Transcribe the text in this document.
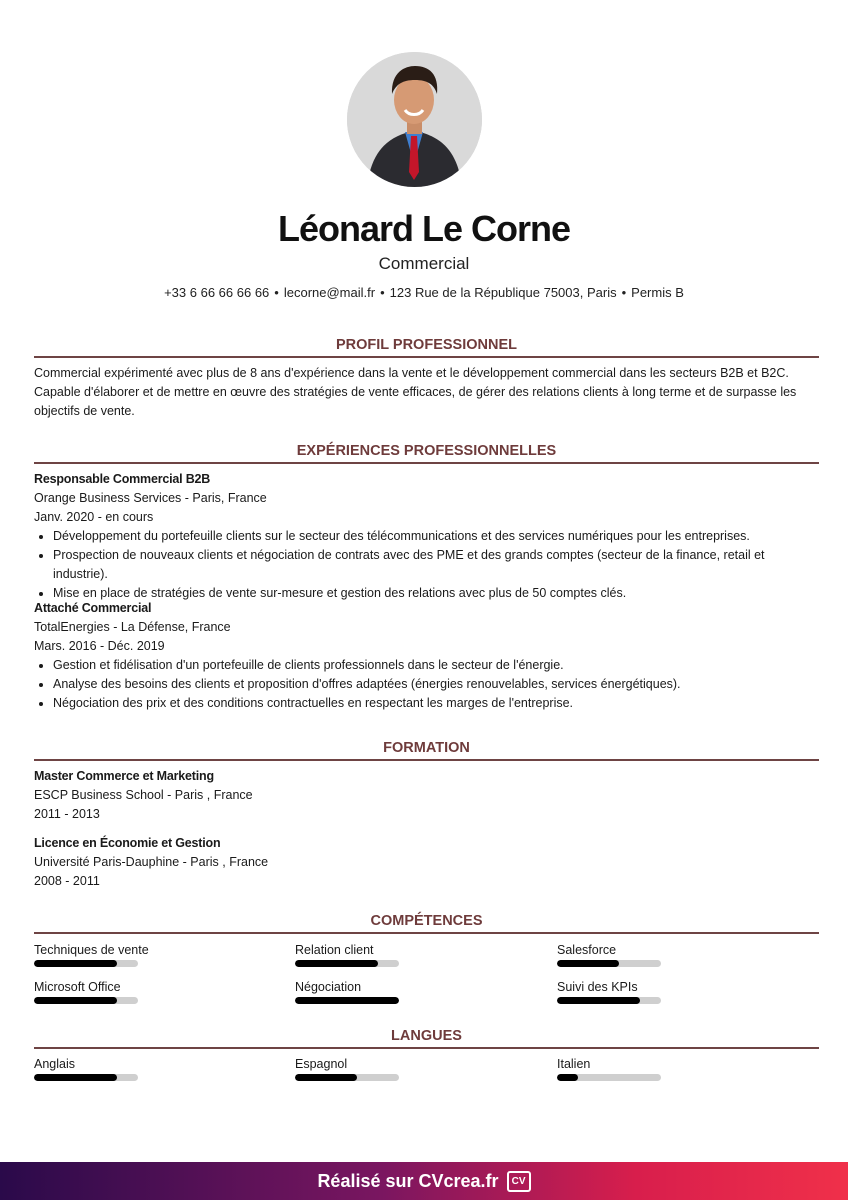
Léonard Le Corne
Commercial
+33 6 66 66 66 66 • lecorne@mail.fr • 123 Rue de la République 75003, Paris • Permis B
PROFIL PROFESSIONNEL
Commercial expérimenté avec plus de 8 ans d'expérience dans la vente et le développement commercial dans les secteurs B2B et B2C. Capable d'élaborer et de mettre en œuvre des stratégies de vente efficaces, de gérer des relations clients à long terme et de surpasse les objectifs de vente.
EXPÉRIENCES PROFESSIONNELLES
Responsable Commercial B2B
Orange Business Services - Paris, France
Janv. 2020 - en cours
• Développement du portefeuille clients sur le secteur des télécommunications et des services numériques pour les entreprises.
• Prospection de nouveaux clients et négociation de contrats avec des PME et des grands comptes (secteur de la finance, retail et industrie).
• Mise en place de stratégies de vente sur-mesure et gestion des relations avec plus de 50 comptes clés.
Attaché Commercial
TotalEnergies - La Défense, France
Mars. 2016 - Déc. 2019
• Gestion et fidélisation d'un portefeuille de clients professionnels dans le secteur de l'énergie.
• Analyse des besoins des clients et proposition d'offres adaptées (énergies renouvelables, services énergétiques).
• Négociation des prix et des conditions contractuelles en respectant les marges de l'entreprise.
FORMATION
Master Commerce et Marketing
ESCP Business School - Paris , France
2011 - 2013
Licence en Économie et Gestion
Université Paris-Dauphine - Paris , France
2008 - 2011
COMPÉTENCES
Techniques de vente	Relation client	Salesforce
Microsoft Office	Négociation	Suivi des KPIs
LANGUES
Anglais	Espagnol	Italien
Réalisé sur CVcrea.fr	CV
